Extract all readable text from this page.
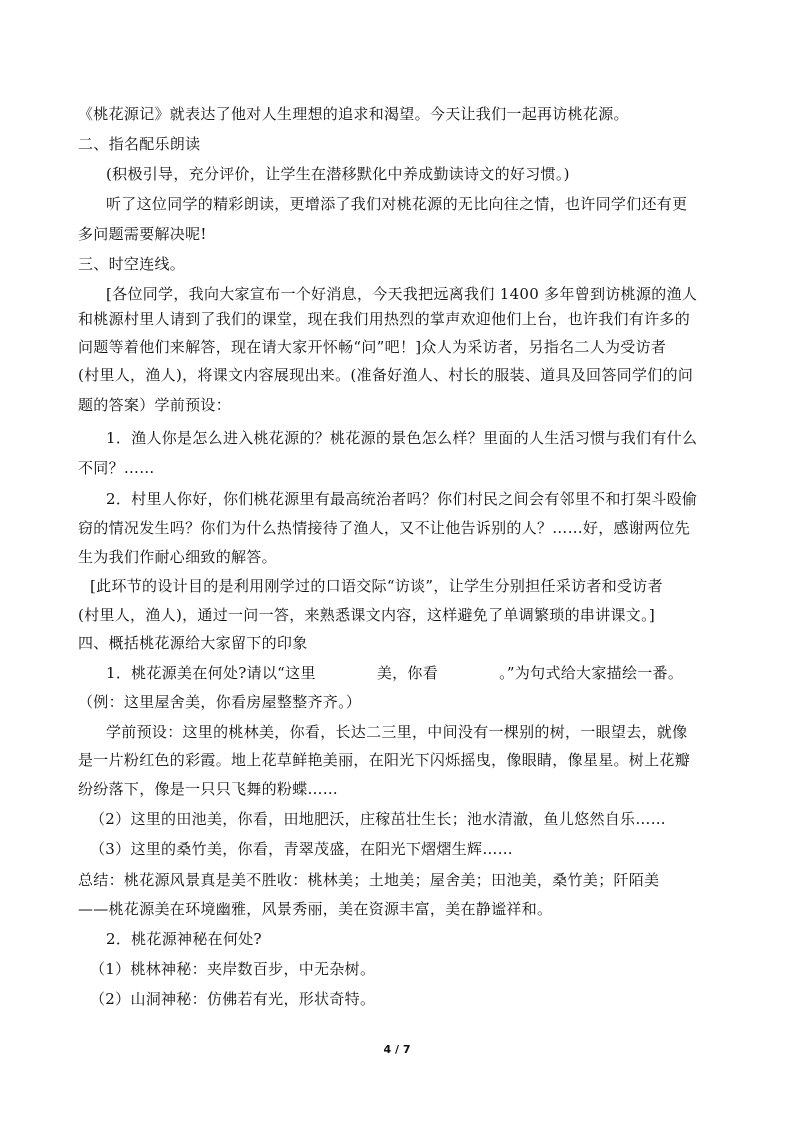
《桃花源记》就表达了他对人生理想的追求和渴望。今天让我们一起再访桃花源。
二、指名配乐朗读
(积极引导，充分评价，让学生在潜移默化中养成勤读诗文的好习惯。)
听了这位同学的精彩朗读，更增添了我们对桃花源的无比向往之情，也许同学们还有更
多问题需要解决呢!
三、时空连线。
[各位同学，我向大家宣布一个好消息，今天我把远离我们 1400 多年曾到访桃源的渔人
和桃源村里人请到了我们的课堂，现在我们用热烈的掌声欢迎他们上台，也许我们有许多的
问题等着他们来解答，现在请大家开怀畅“问”吧！]众人为采访者，另指名二人为受访者
(村里人，渔人)，将课文内容展现出来。(准备好渔人、村长的服装、道具及回答同学们的问
题的答案）学前预设：
1．渔人你是怎么进入桃花源的？桃花源的景色怎么样？里面的人生活习惯与我们有什么
不同？……
2．村里人你好，你们桃花源里有最高统治者吗？你们村民之间会有邻里不和打架斗殴偷
窃的情况发生吗？你们为什么热情接待了渔人，又不让他告诉别的人？……好，感谢两位先
生为我们作耐心细致的解答。
[此环节的设计目的是利用刚学过的口语交际“访谈”，让学生分别担任采访者和受访者
(村里人，渔人)，通过一问一答，来熟悉课文内容，这样避免了单调繁琐的串讲课文。]
四、概括桃花源给大家留下的印象
1．桃花源美在何处?请以“这里 美，你看 。”为句式给大家描绘一番。
（例：这里屋舍美，你看房屋整整齐齐。）
学前预设：这里的桃林美，你看，长达二三里，中间没有一棵别的树，一眼望去，就像
是一片粉红色的彩霞。地上花草鲜艳美丽，在阳光下闪烁摇曳，像眼睛，像星星。树上花瓣
纷纷落下，像是一只只飞舞的粉蝶……
（2）这里的田池美，你看，田地肥沃，庄稼茁壮生长；池水清澈，鱼儿悠然自乐……
（3）这里的桑竹美，你看，青翠茂盛，在阳光下熠熠生辉……
总结：桃花源风景真是美不胜收：桃林美；土地美；屋舍美；田池美，桑竹美；阡陌美
——桃花源美在环境幽雅，风景秀丽，美在资源丰富，美在静谧祥和。
2．桃花源神秘在何处?
（1）桃林神秘：夹岸数百步，中无杂树。
（2）山洞神秘：仿佛若有光，形状奇特。
4 / 7
